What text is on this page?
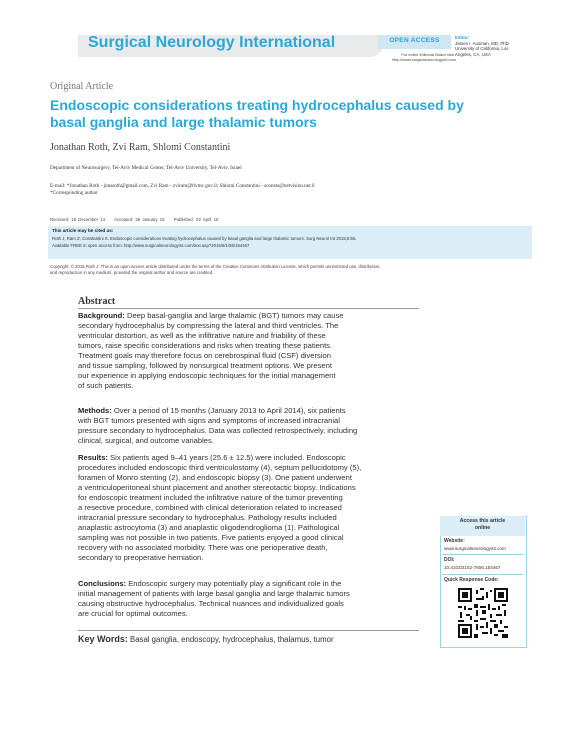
Surgical Neurology International	OPEN ACCESS
For entire Editorial Board visit :
http://www.surgicalneurologyint.com
Editor:
James I. Ausman, MD, PhD
University of California, Los
Angeles, CA, USA
Original Article
Endoscopic considerations treating hydrocephalus caused by
basal ganglia and large thalamic tumors
Jonathan Roth, Zvi Ram, Shlomi Constantini
Department of Neurosurgery, Tel-Aviv Medical Center, Tel-Aviv University, Tel-Aviv, Israel
E-mail: *Jonathan Roth - jonaroth@gmail.com, Zvi Ram - zviram@tlvmc.gov.il; Shlomi Constantini - sconsts@netvision.net.il
*Corresponding author
Received: 15 December 14 Accepted: 28 January 15 Published: 02 April 15
This article may be cited as:
Roth J, Ram Z, Constantini S. Endoscopic considerations treating hydrocephalus caused by basal ganglia and large thalamic tumors. Surg Neurol Int 2015;6:56.
Available FREE in open access from: http://www.surgicalneurologyint.com/text.asp?2015/6/1/56/154467
Copyright: © 2015 Roth J. This is an open-access article distributed under the terms of the Creative Commons Attribution License, which permits unrestricted use, distribution,
and reproduction in any medium, provided the original author and source are credited.
Abstract
Background: Deep basal-ganglia and large thalamic (BGT) tumors may cause
secondary hydrocephalus by compressing the lateral and third ventricles. The
ventricular distortion, as well as the infiltrative nature and friability of these
tumors, raise specific considerations and risks when treating these patients.
Treatment goals may therefore focus on cerebrospinal fluid (CSF) diversion
and tissue sampling, followed by nonsurgical treatment options. We present
our experience in applying endoscopic techniques for the initial management
of such patients.
Methods: Over a period of 15 months (January 2013 to April 2014), six patients
with BGT tumors presented with signs and symptoms of increased intracranial
pressure secondary to hydrocephalus. Data was collected retrospectively, including
clinical, surgical, and outcome variables.
Results: Six patients aged 9–41 years (25.6 ± 12.5) were included. Endoscopic
procedures included endoscopic third ventriculostomy (4), septum pellucidotomy (5),
foramen of Monro stenting (2), and endoscopic biopsy (3). One patient underwent
a ventriculoperitoneal shunt placement and another stereotactic biopsy. Indications
for endoscopic treatment included the infiltrative nature of the tumor preventing
a resective procedure, combined with clinical deterioration related to increased
intracranial pressure secondary to hydrocephalus. Pathology results included
anaplastic astrocytoma (3) and anaplastic oligodendroglioma (1). Pathological
sampling was not possible in two patients. Five patients enjoyed a good clinical
recovery with no associated morbidity. There was one perioperative death,
secondary to preoperative herniation.
Conclusions: Endoscopic surgery may potentially play a significant role in the
initial management of patients with large basal ganglia and large thalamic tumors
causing obstructive hydrocephalus. Technical nuances and individualized goals
are crucial for optimal outcomes.
Key Words: Basal ganglia, endoscopy, hydrocephalus, thalamus, tumor
Access this article
online
Website:
www.surgicalneurologyint.com
DOI:
10.4103/2152-7806.154467
Quick Response Code:
